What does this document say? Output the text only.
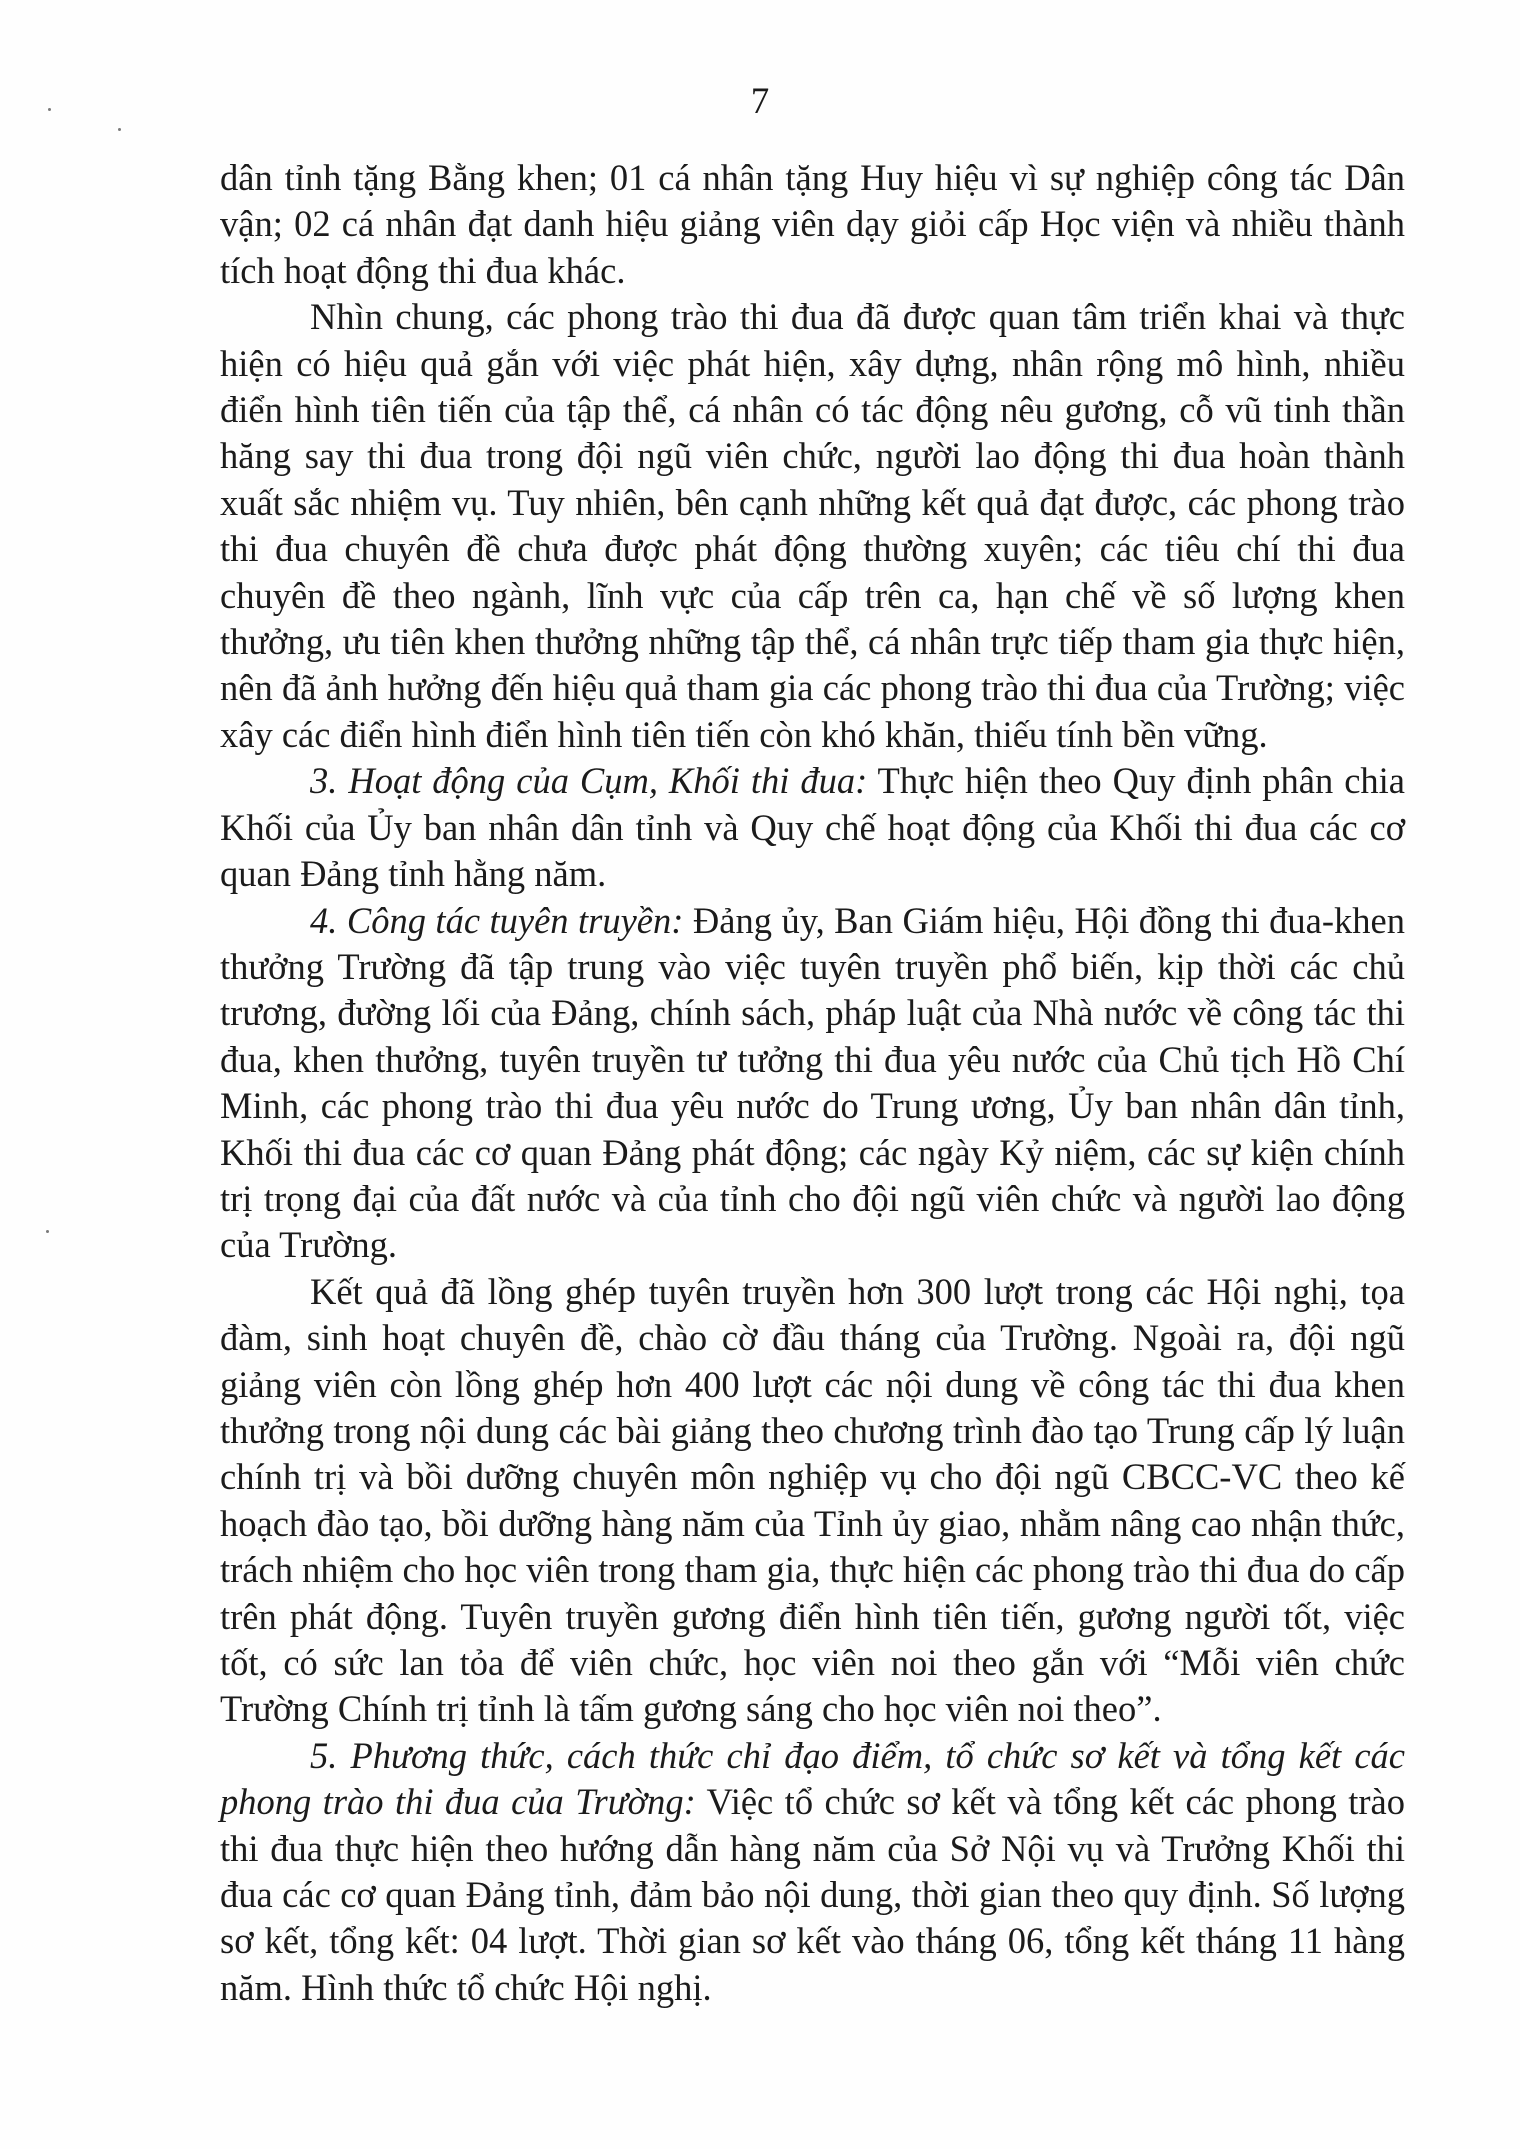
7

dân tỉnh tặng Bằng khen; 01 cá nhân tặng Huy hiệu vì sự nghiệp công tác Dân vận; 02 cá nhân đạt danh hiệu giảng viên dạy giỏi cấp Học viện và nhiều thành tích hoạt động thi đua khác.

Nhìn chung, các phong trào thi đua đã được quan tâm triển khai và thực hiện có hiệu quả gắn với việc phát hiện, xây dựng, nhân rộng mô hình, nhiều điển hình tiên tiến của tập thể, cá nhân có tác động nêu gương, cỗ vũ tinh thần hăng say thi đua trong đội ngũ viên chức, người lao động thi đua hoàn thành xuất sắc nhiệm vụ. Tuy nhiên, bên cạnh những kết quả đạt được, các phong trào thi đua chuyên đề chưa được phát động thường xuyên; các tiêu chí thi đua chuyên đề theo ngành, lĩnh vực của cấp trên ca, hạn chế về số lượng khen thưởng, ưu tiên khen thưởng những tập thể, cá nhân trực tiếp tham gia thực hiện, nên đã ảnh hưởng đến hiệu quả tham gia các phong trào thi đua của Trường; việc xây các điển hình điển hình tiên tiến còn khó khăn, thiếu tính bền vững.

3. Hoạt động của Cụm, Khối thi đua: Thực hiện theo Quy định phân chia Khối của Ủy ban nhân dân tỉnh và Quy chế hoạt động của Khối thi đua các cơ quan Đảng tỉnh hằng năm.

4. Công tác tuyên truyền: Đảng ủy, Ban Giám hiệu, Hội đồng thi đua-khen thưởng Trường đã tập trung vào việc tuyên truyền phổ biến, kịp thời các chủ trương, đường lối của Đảng, chính sách, pháp luật của Nhà nước về công tác thi đua, khen thưởng, tuyên truyền tư tưởng thi đua yêu nước của Chủ tịch Hồ Chí Minh, các phong trào thi đua yêu nước do Trung ương, Ủy ban nhân dân tỉnh, Khối thi đua các cơ quan Đảng phát động; các ngày Kỷ niệm, các sự kiện chính trị trọng đại của đất nước và của tỉnh cho đội ngũ viên chức và người lao động của Trường.

Kết quả đã lồng ghép tuyên truyền hơn 300 lượt trong các Hội nghị, tọa đàm, sinh hoạt chuyên đề, chào cờ đầu tháng của Trường. Ngoài ra, đội ngũ giảng viên còn lồng ghép hơn 400 lượt các nội dung về công tác thi đua khen thưởng trong nội dung các bài giảng theo chương trình đào tạo Trung cấp lý luận chính trị và bồi dưỡng chuyên môn nghiệp vụ cho đội ngũ CBCC-VC theo kế hoạch đào tạo, bồi dưỡng hàng năm của Tỉnh ủy giao, nhằm nâng cao nhận thức, trách nhiệm cho học viên trong tham gia, thực hiện các phong trào thi đua do cấp trên phát động. Tuyên truyền gương điển hình tiên tiến, gương người tốt, việc tốt, có sức lan tỏa để viên chức, học viên noi theo gắn với “Mỗi viên chức Trường Chính trị tỉnh là tấm gương sáng cho học viên noi theo”.

5. Phương thức, cách thức chỉ đạo điểm, tổ chức sơ kết và tổng kết các phong trào thi đua của Trường: Việc tổ chức sơ kết và tổng kết các phong trào thi đua thực hiện theo hướng dẫn hàng năm của Sở Nội vụ và Trưởng Khối thi đua các cơ quan Đảng tỉnh, đảm bảo nội dung, thời gian theo quy định. Số lượng sơ kết, tổng kết: 04 lượt. Thời gian sơ kết vào tháng 06, tổng kết tháng 11 hàng năm. Hình thức tổ chức Hội nghị.
